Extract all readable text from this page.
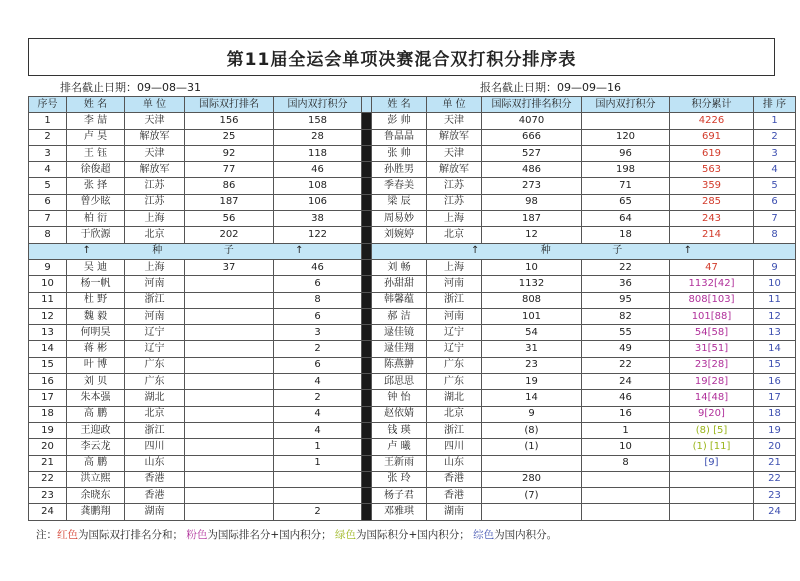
第11届全运会单项决赛混合双打积分排序表
排名截止日期：09—08—31	报名截止日期：09—09—16
序号	姓 名	单 位	国际双打排名	国内双打积分		姓 名	单 位	国际双打排名积分	国内双打积分	积分累计	排 序
1	李 喆	天津	156	158		彭 帅	天津	4070		4226	1
2	卢 昊	解放军	25	28		鲁晶晶	解放军	666	120	691	2
3	王 钰	天津	92	118		张 帅	天津	527	96	619	3
4	徐俊超	解放军	77	46		孙胜男	解放军	486	198	563	4
5	张 择	江苏	86	108		季春美	江苏	273	71	359	5
6	曾少眩	江苏	187	106		梁 辰	江苏	98	65	285	6
7	柏 衍	上海	56	38		周易妙	上海	187	64	243	7
8	于欣源	北京	202	122		刘婉婷	北京	12	18	214	8
↑ 种 子 ↑						↑ 种 子 ↑					
9	吴 迪	上海	37	46		刘 畅	上海	10	22	47	9
10	杨一帆	河南		6		孙甜甜	河南	1132	36	1132[42]	10
11	杜 野	浙江		8		韩馨蕴	浙江	808	95	808[103]	11
12	魏 毅	河南		6		郝 洁	河南	101	82	101[88]	12
13	何明昊	辽宁		3		逯佳镜	辽宁	54	55	54[58]	13
14	蒋 彬	辽宁		2		逯佳翔	辽宁	31	49	31[51]	14
15	叶 博	广东		6		陈燕翀	广东	23	22	23[28]	15
16	刘 贝	广东		4		邱思思	广东	19	24	19[28]	16
17	朱本强	湖北		2		钟 怡	湖北	14	46	14[48]	17
18	高 鹏	北京		4		赵依婧	北京	9	16	9[20]	18
19	王迎政	浙江		4		钱 瑛	浙江	(8)	1	(8) [5]	19
20	李云龙	四川		1		卢 曦	四川	(1)	10	(1) [11]	20
21	高 鹏	山东		1		王新雨	山东		8	[9]	21
22	洪立熙	香港				张 玲	香港	280			22
23	余晓东	香港				杨子君	香港	(7)			23
24	龚鹏翔	湖南		2		邓雅琪	湖南				24
注：红色为国际双打排名分和； 粉色为国际排名分+国内积分； 绿色为国际积分+国内积分； 综色为国内积分。
